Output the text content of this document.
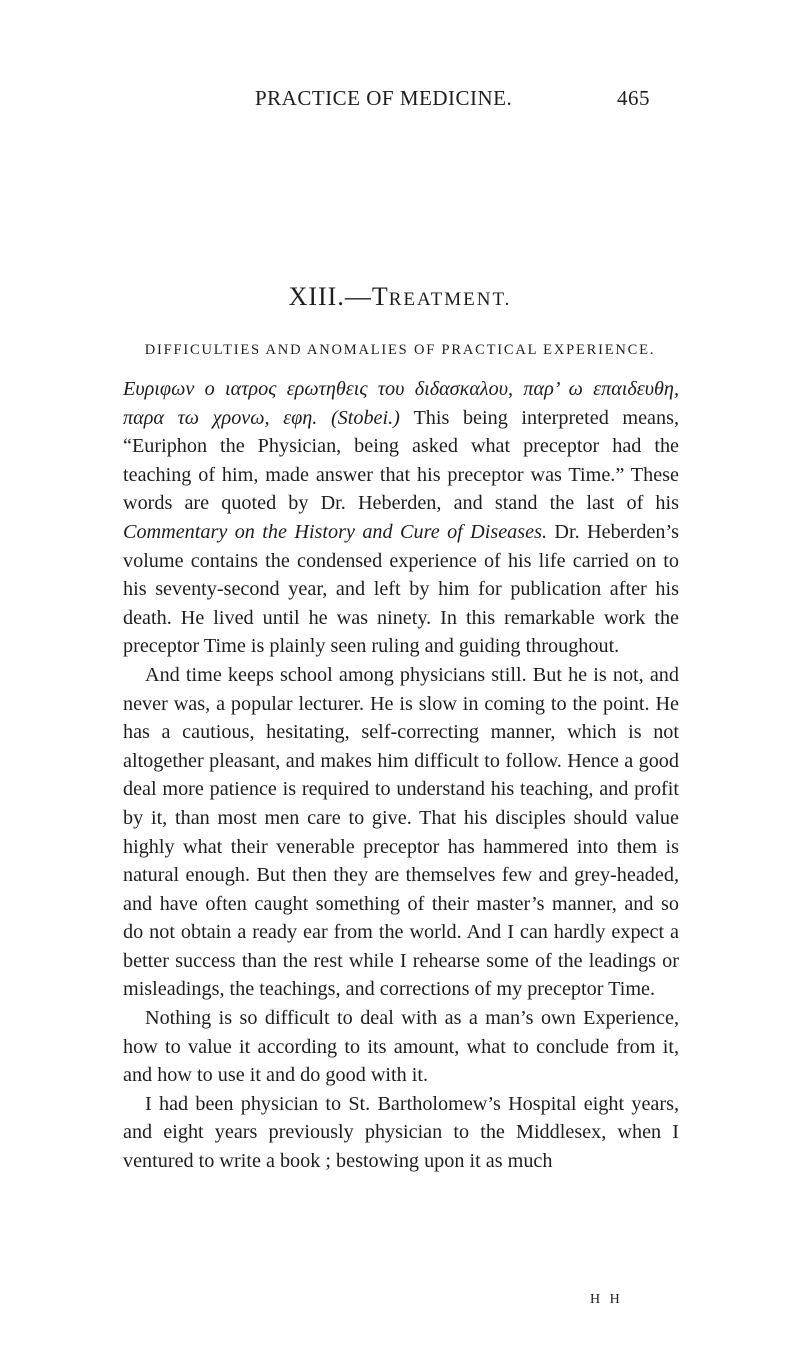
PRACTICE OF MEDICINE.	465
XIII.—TREATMENT.
DIFFICULTIES AND ANOMALIES OF PRACTICAL EXPERIENCE.

Ευριφων ο ιατρος ερωτηθεις του διδασκαλου, παρ’ ω επαιδευθη, παρα τω χρονω, εφη. (Stobei.) This being interpreted means, “Euriphon the Physician, being asked what preceptor had the teaching of him, made answer that his preceptor was Time.” These words are quoted by Dr. Heberden, and stand the last of his Commentary on the History and Cure of Diseases. Dr. Heberden’s volume contains the condensed experience of his life carried on to his seventy-second year, and left by him for publication after his death. He lived until he was ninety. In this remarkable work the preceptor Time is plainly seen ruling and guiding throughout.

And time keeps school among physicians still. But he is not, and never was, a popular lecturer. He is slow in coming to the point. He has a cautious, hesitating, self-correcting manner, which is not altogether pleasant, and makes him difficult to follow. Hence a good deal more patience is required to understand his teaching, and profit by it, than most men care to give. That his disciples should value highly what their venerable preceptor has hammered into them is natural enough. But then they are themselves few and grey-headed, and have often caught something of their master’s manner, and so do not obtain a ready ear from the world. And I can hardly expect a better success than the rest while I rehearse some of the leadings or misleadings, the teachings, and corrections of my preceptor Time.

Nothing is so difficult to deal with as a man’s own Experience, how to value it according to its amount, what to conclude from it, and how to use it and do good with it.

I had been physician to St. Bartholomew’s Hospital eight years, and eight years previously physician to the Middlesex, when I ventured to write a book ; bestowing upon it as much

H H
